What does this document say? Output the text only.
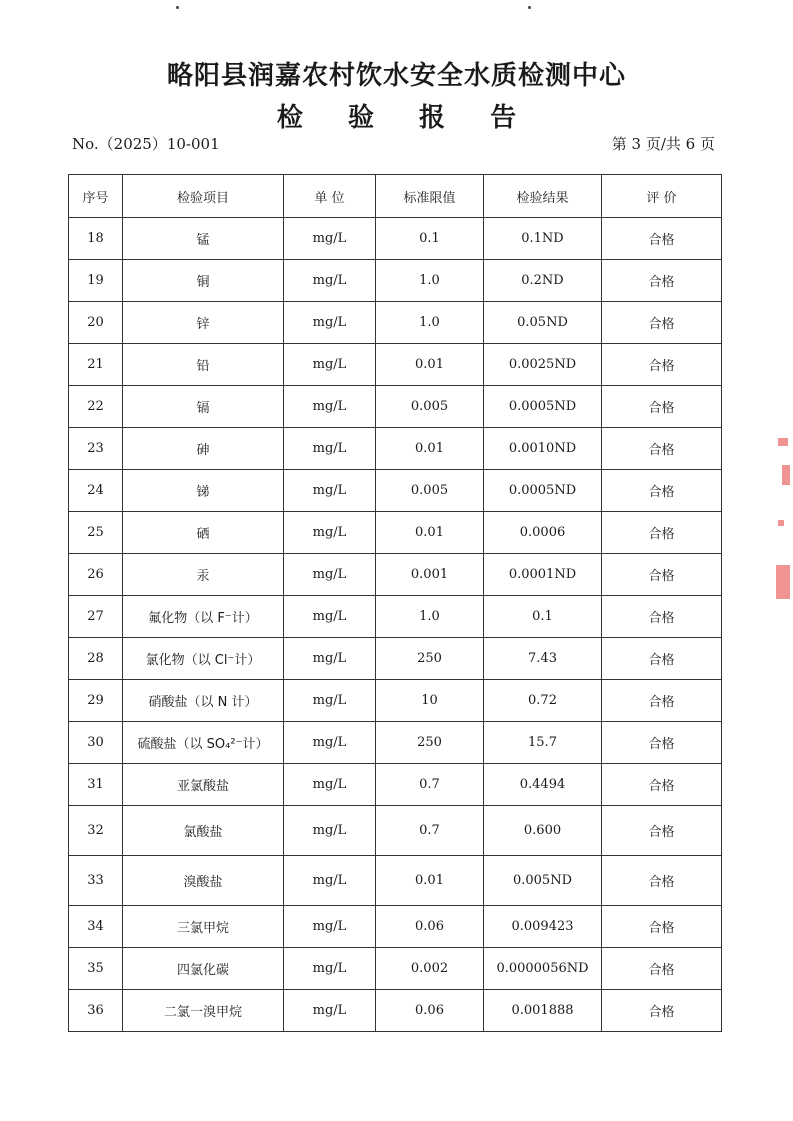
略阳县润嘉农村饮水安全水质检测中心
检 验 报 告
No.（2025）10-001	第 3 页/共 6 页
序号	检验项目	单 位	标准限值	检验结果	评 价
18	锰	mg/L	0.1	0.1ND	合格
19	铜	mg/L	1.0	0.2ND	合格
20	锌	mg/L	1.0	0.05ND	合格
21	铅	mg/L	0.01	0.0025ND	合格
22	镉	mg/L	0.005	0.0005ND	合格
23	砷	mg/L	0.01	0.0010ND	合格
24	锑	mg/L	0.005	0.0005ND	合格
25	硒	mg/L	0.01	0.0006	合格
26	汞	mg/L	0.001	0.0001ND	合格
27	氟化物（以 F⁻计）	mg/L	1.0	0.1	合格
28	氯化物（以 Cl⁻计）	mg/L	250	7.43	合格
29	硝酸盐（以 N 计）	mg/L	10	0.72	合格
30	硫酸盐（以 SO₄²⁻计）	mg/L	250	15.7	合格
31	亚氯酸盐	mg/L	0.7	0.4494	合格
32	氯酸盐	mg/L	0.7	0.600	合格
33	溴酸盐	mg/L	0.01	0.005ND	合格
34	三氯甲烷	mg/L	0.06	0.009423	合格
35	四氯化碳	mg/L	0.002	0.0000056ND	合格
36	二氯一溴甲烷	mg/L	0.06	0.001888	合格
